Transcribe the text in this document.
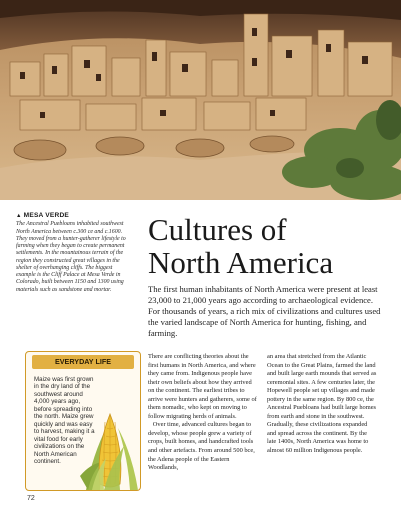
▲ MESA VERDE
The Ancestral Puebloans inhabited southwest North America between c.300 ce and c.1600. They moved from a hunter-gatherer lifestyle to farming when they began to create permanent settlements. In the mountainous terrain of the region they constructed great villages in the shelter of overhanging cliffs. The biggest example is the Cliff Palace at Mesa Verde in Colorado, built between 1150 and 1300 using materials such as sandstone and mortar.
Cultures of
North America

The first human inhabitants of North America were present at least 23,000 to 21,000 years ago according to archaeological evidence. For thousands of years, a rich mix of civilizations and cultures used the varied landscape of North America for hunting, fishing, and farming.

There are conflicting theories about the first humans in North America, and where they came from. Indigenous people have their own beliefs about how they arrived on the continent. The earliest tribes to arrive were hunters and gatherers, some of them nomadic, who kept on moving to follow migrating herds of animals.
Over time, advanced cultures began to develop, whose people grew a variety of crops, built homes, and handcrafted tools and other artefacts. From around 500 bce, the Adena people of the Eastern Woodlands,
an area that stretched from the Atlantic Ocean to the Great Plains, farmed the land and built large earth mounds that served as ceremonial sites. A few centuries later, the Hopewell people set up villages and made pottery in the same region. By 800 ce, the Ancestral Puebloans had built large homes from earth and stone in the southwest. Gradually, these civilizations expanded and spread across the continent. By the late 1400s, North America was home to almost 60 million Indigenous people.
EVERYDAY LIFE
Maize was first grown in the dry land of the southwest around 4,000 years ago, before spreading into the north. Maize grew quickly and was easy to harvest, making it a vital food for early civilizations on the North American continent.
72
